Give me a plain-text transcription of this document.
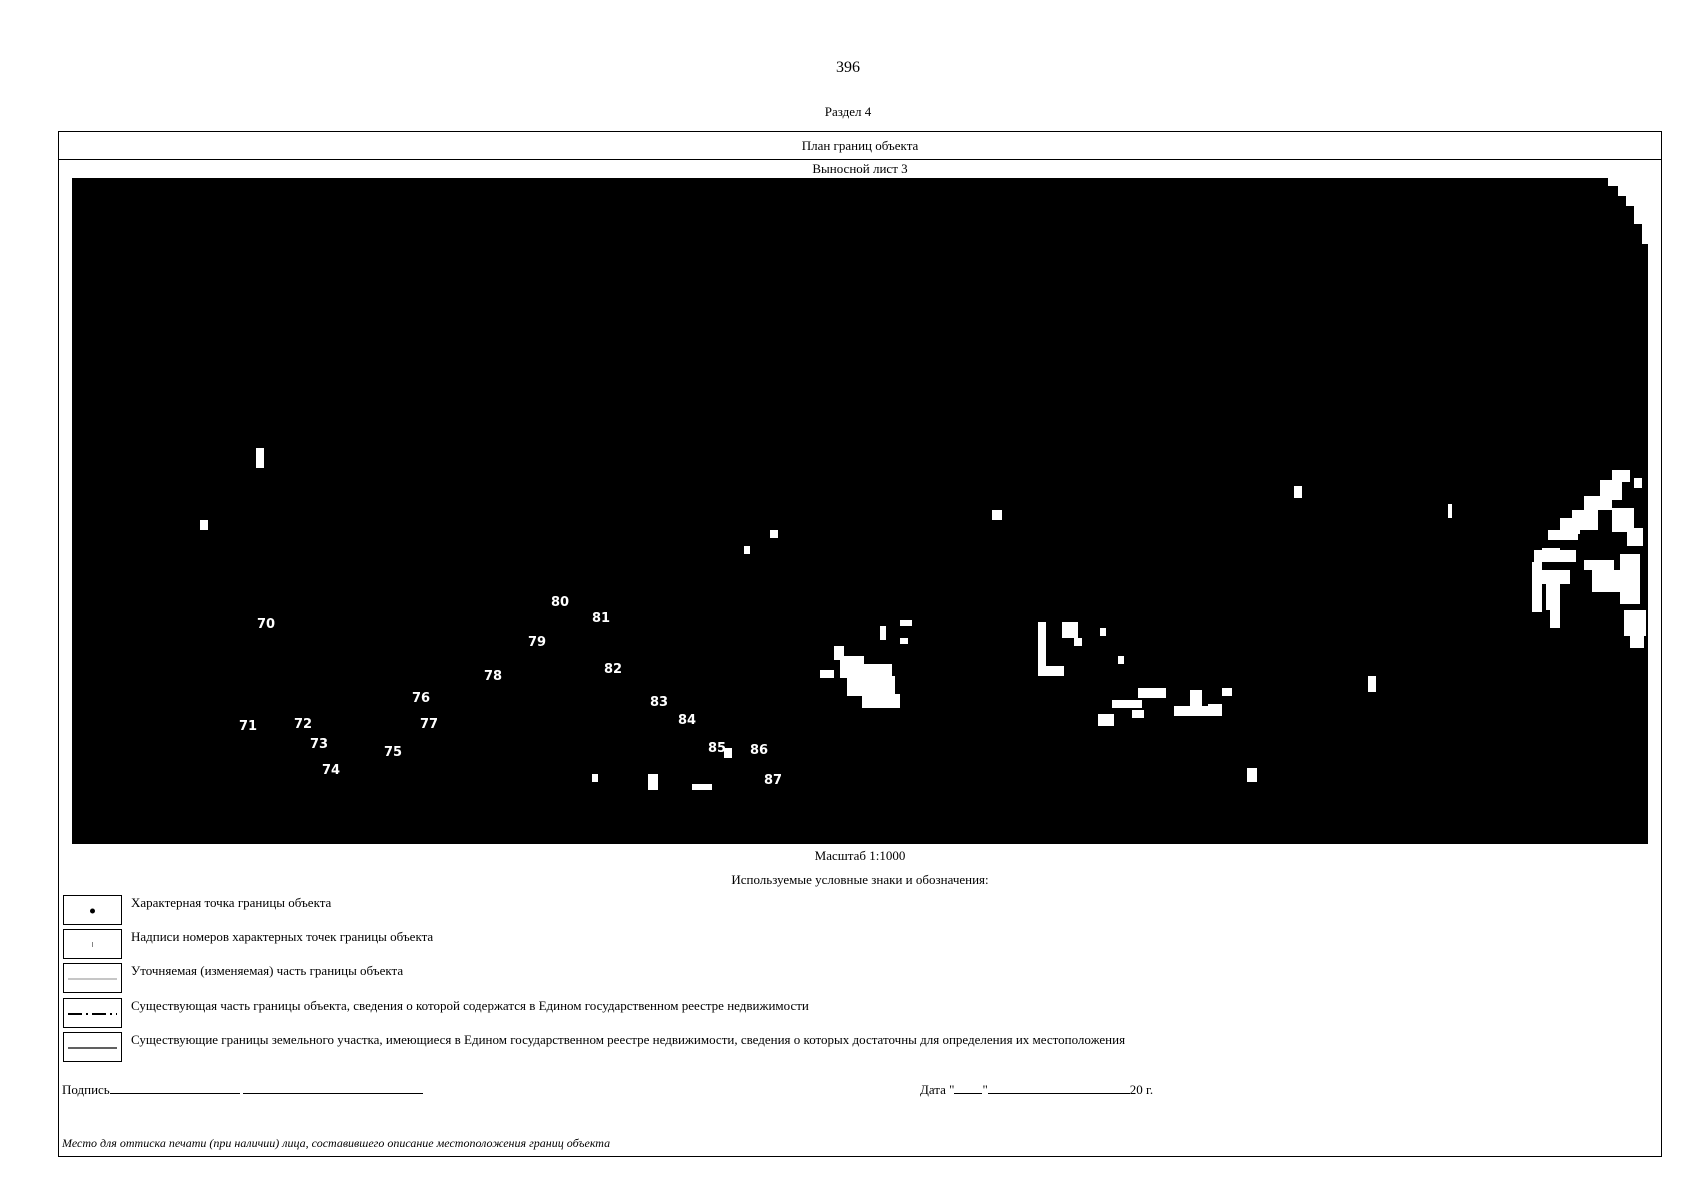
396
Раздел 4
План границ объекта
Выносной лист 3
70
71	72
73
74
75
76
77
78
79
80
81
82
83
84
85 86
87
Масштаб 1:1000
Используемые условные знаки и обозначения:
Характерная точка границы объекта
Надписи номеров характерных точек границы объекта
Уточняемая (изменяемая) часть границы объекта
Существующая часть границы объекта, сведения о которой содержатся в Едином государственном реестре недвижимости
Существующие границы земельного участка, имеющиеся в Едином государственном реестре недвижимости, сведения о которых достаточны для определения их местоположения
Подпись	Дата " "	20 г.
Место для оттиска печати (при наличии) лица, составившего описание местоположения границ объекта
